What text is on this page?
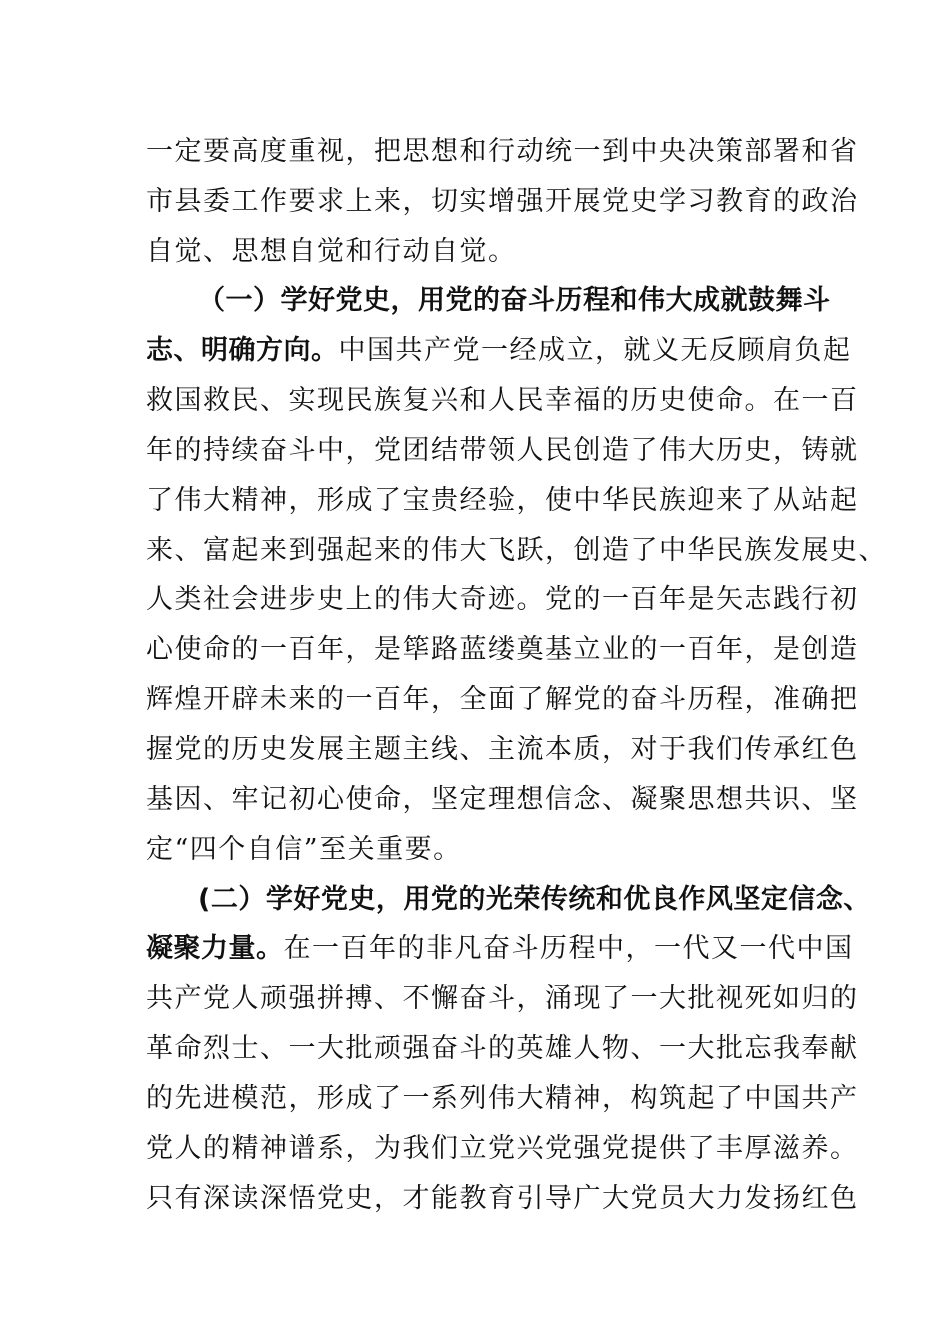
一定要高度重视，把思想和行动统一到中央决策部署和省
市县委工作要求上来，切实增强开展党史学习教育的政治
自觉、思想自觉和行动自觉。
（一）学好党史，用党的奋斗历程和伟大成就鼓舞斗
志、明确方向。中国共产党一经成立，就义无反顾肩负起
救国救民、实现民族复兴和人民幸福的历史使命。在一百
年的持续奋斗中，党团结带领人民创造了伟大历史，铸就
了伟大精神，形成了宝贵经验，使中华民族迎来了从站起
来、富起来到强起来的伟大飞跃，创造了中华民族发展史、
人类社会进步史上的伟大奇迹。党的一百年是矢志践行初
心使命的一百年，是筚路蓝缕奠基立业的一百年，是创造
辉煌开辟未来的一百年，全面了解党的奋斗历程，准确把
握党的历史发展主题主线、主流本质，对于我们传承红色
基因、牢记初心使命，坚定理想信念、凝聚思想共识、坚
定“四个自信”至关重要。
(二）学好党史，用党的光荣传统和优良作风坚定信念、
凝聚力量。在一百年的非凡奋斗历程中，一代又一代中国
共产党人顽强拼搏、不懈奋斗，涌现了一大批视死如归的
革命烈士、一大批顽强奋斗的英雄人物、一大批忘我奉献
的先进模范，形成了一系列伟大精神，构筑起了中国共产
党人的精神谱系，为我们立党兴党强党提供了丰厚滋养。
只有深读深悟党史，才能教育引导广大党员大力发扬红色
